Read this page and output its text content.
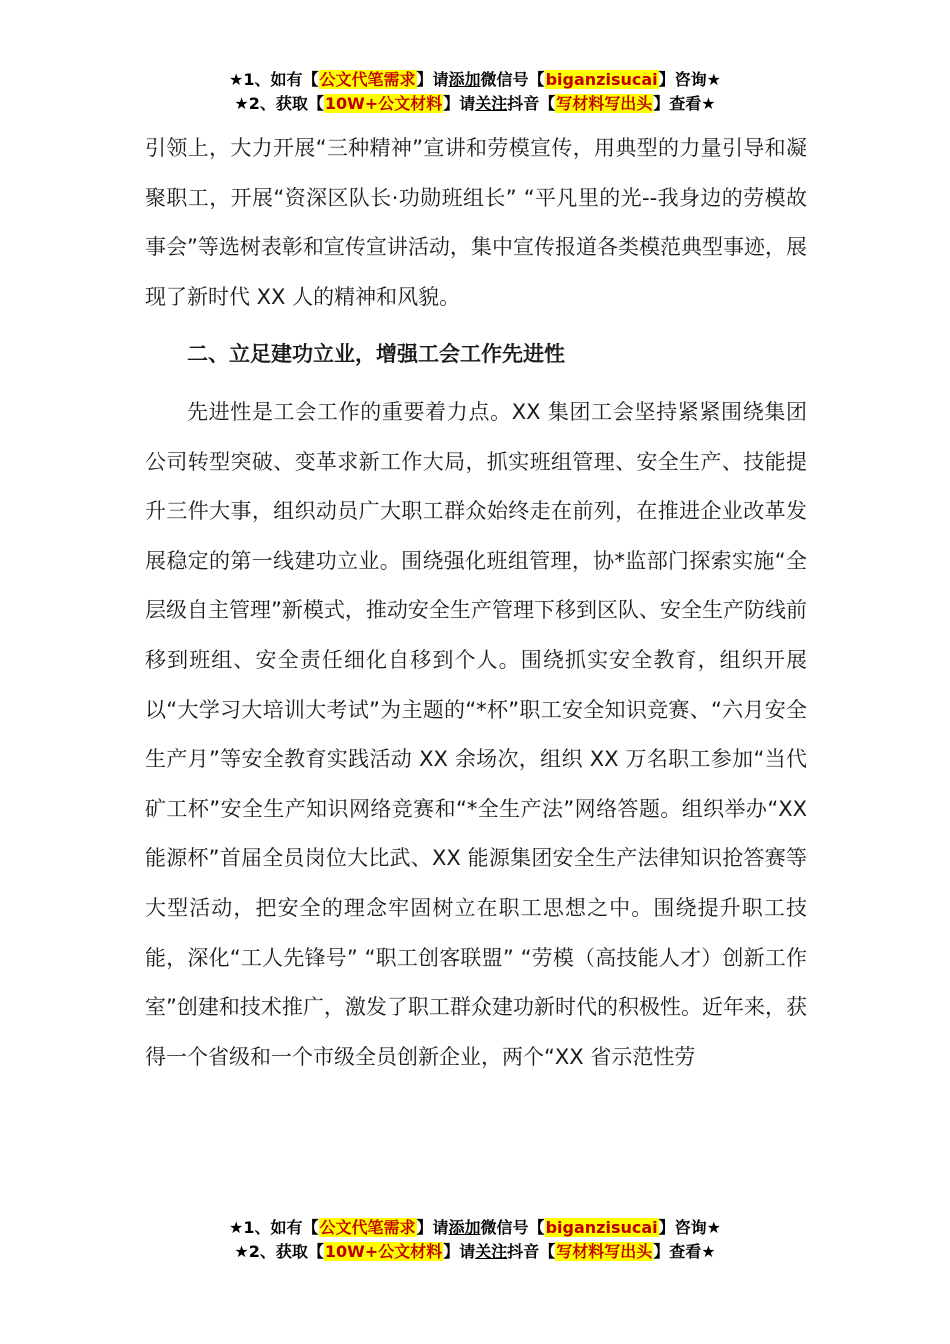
★1、如有【公文代笔需求】请添加微信号【biganzisucai】咨询★
★2、获取【10W+公文材料】请关注抖音【写材料写出头】查看★

引领上，大力开展“三种精神”宣讲和劳模宣传，用典型的力量引导和凝聚职工，开展“资深区队长·功勋班组长” “平凡里的光--我身边的劳模故事会”等选树表彰和宣传宣讲活动，集中宣传报道各类模范典型事迹，展现了新时代 XX 人的精神和风貌。

二、立足建功立业，增强工会工作先进性

先进性是工会工作的重要着力点。XX 集团工会坚持紧紧围绕集团公司转型突破、变革求新工作大局，抓实班组管理、安全生产、技能提升三件大事，组织动员广大职工群众始终走在前列，在推进企业改革发展稳定的第一线建功立业。围绕强化班组管理，协*监部门探索实施“全层级自主管理”新模式，推动安全生产管理下移到区队、安全生产防线前移到班组、安全责任细化自移到个人。围绕抓实安全教育，组织开展以“大学习大培训大考试”为主题的“*杯”职工安全知识竞赛、“六月安全生产月”等安全教育实践活动 XX 余场次，组织 XX 万名职工参加“当代矿工杯”安全生产知识网络竞赛和“*全生产法”网络答题。组织举办“XX 能源杯”首届全员岗位大比武、XX 能源集团安全生产法律知识抢答赛等大型活动，把安全的理念牢固树立在职工思想之中。围绕提升职工技能，深化“工人先锋号” “职工创客联盟” “劳模（高技能人才）创新工作室”创建和技术推广，激发了职工群众建功新时代的积极性。近年来，获得一个省级和一个市级全员创新企业，两个“XX 省示范性劳

★1、如有【公文代笔需求】请添加微信号【biganzisucai】咨询★
★2、获取【10W+公文材料】请关注抖音【写材料写出头】查看★
